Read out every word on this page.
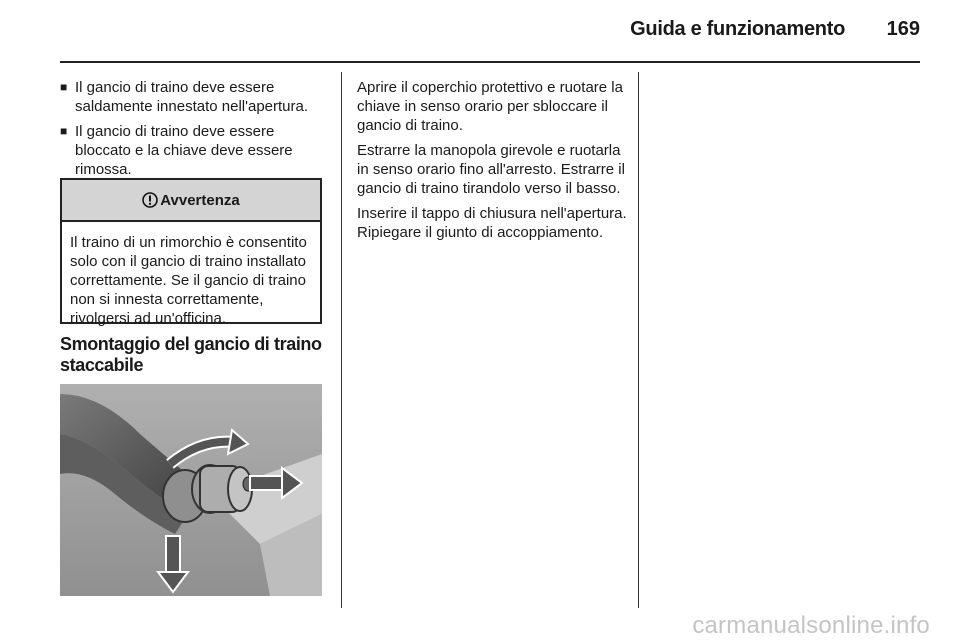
Guida e funzionamento	169
■ Il gancio di traino deve essere saldamente innestato nell'apertura.
■ Il gancio di traino deve essere bloccato e la chiave deve essere rimossa.
Avvertenza
Il traino di un rimorchio è consentito solo con il gancio di traino installato correttamente. Se il gancio di traino non si innesta correttamente, rivolgersi ad un'officina.
Smontaggio del gancio di traino staccabile

Aprire il coperchio protettivo e ruotare la chiave in senso orario per sbloccare il gancio di traino.

Estrarre la manopola girevole e ruotarla in senso orario fino all'arresto. Estrarre il gancio di traino tirandolo verso il basso.

Inserire il tappo di chiusura nell'apertura. Ripiegare il giunto di accoppiamento.

carmanualsonline.info
